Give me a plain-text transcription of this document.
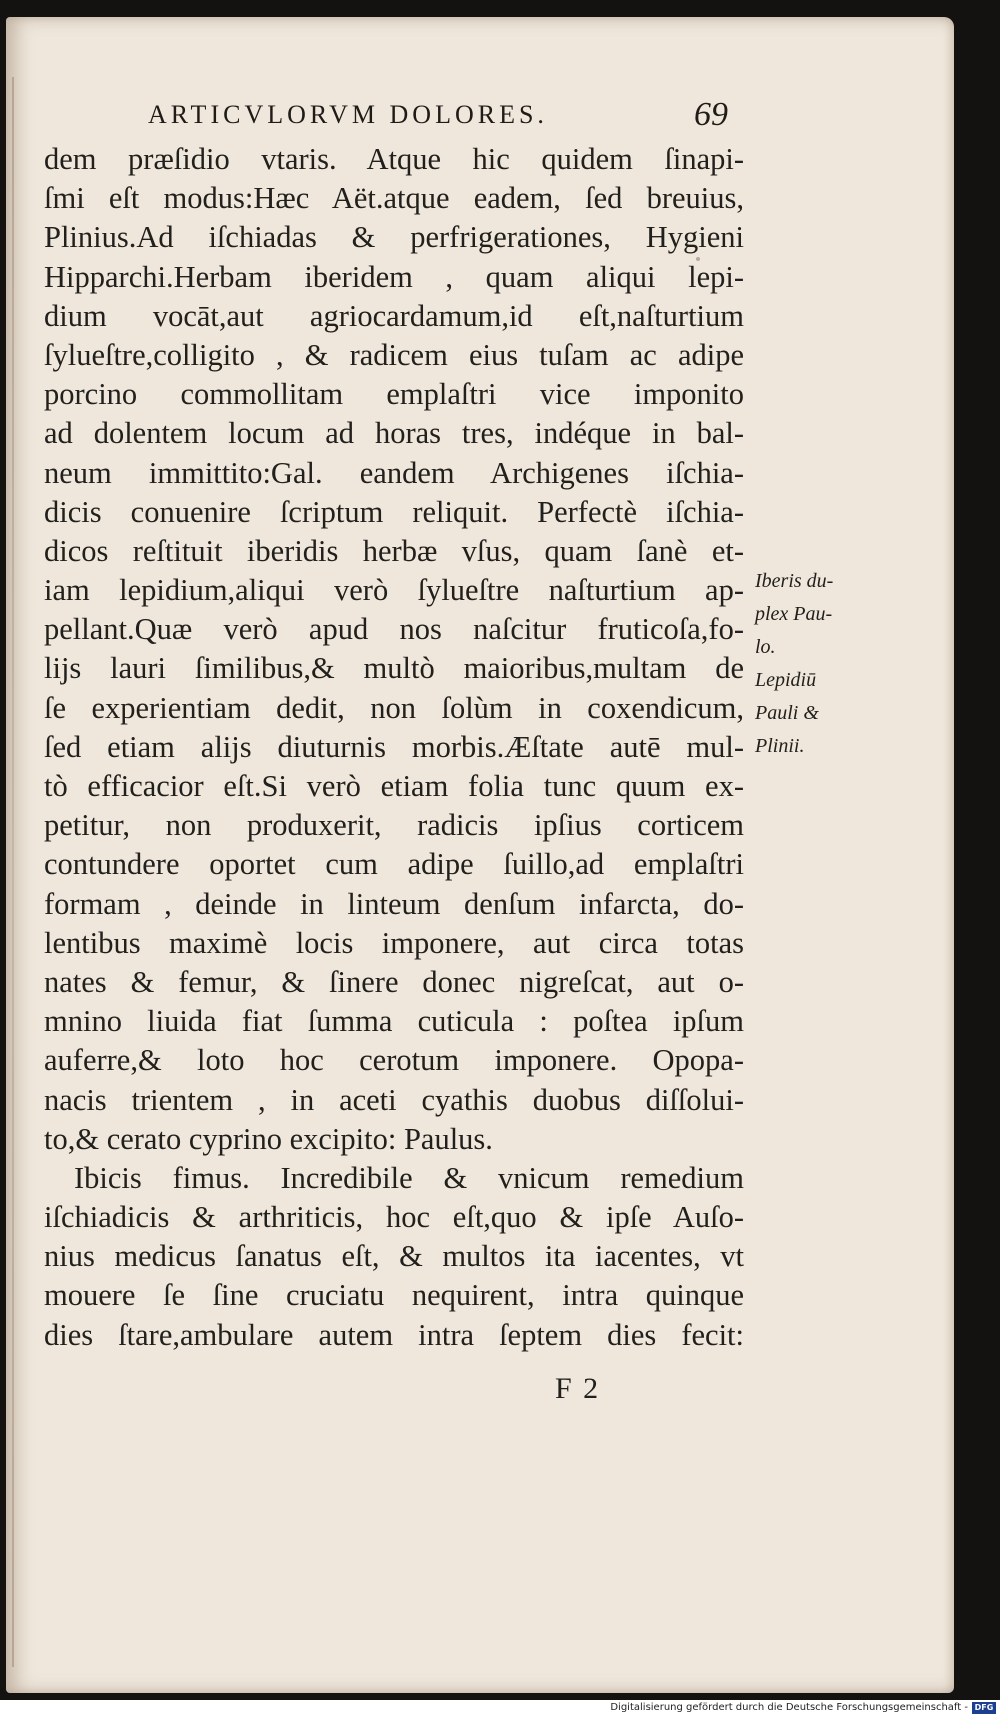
ARTICVLORVM DOLORES.	69
dem præſidio vtaris. Atque hic quidem ſinapi-
ſmi eſt modus:Hæc Aët.atque eadem, ſed breuius,
Plinius.Ad iſchiadas & perfrigerationes, Hygieni
Hipparchi.Herbam iberidem , quam aliqui lepi-
dium vocāt,aut agriocardamum,id eſt,naſturtium
ſylueſtre,colligito , & radicem eius tuſam ac adipe
porcino commollitam emplaſtri vice imponito
ad dolentem locum ad horas tres, indéque in bal-
neum immittito:Gal. eandem Archigenes iſchia-
dicis conuenire ſcriptum reliquit. Perfectè iſchia-
dicos reſtituit iberidis herbæ vſus, quam ſanè et-
iam lepidium,aliqui verò ſylueſtre naſturtium ap-
pellant.Quæ verò apud nos naſcitur fruticoſa,fo-
lijs lauri ſimilibus,& multò maioribus,multam de
ſe experientiam dedit, non ſolùm in coxendicum,
ſed etiam alijs diuturnis morbis.Æſtate autē mul-
tò efficacior eſt.Si verò etiam folia tunc quum ex-
petitur, non produxerit, radicis ipſius corticem
contundere oportet cum adipe ſuillo,ad emplaſtri
formam , deinde in linteum denſum infarcta, do-
lentibus maximè locis imponere, aut circa totas
nates & femur, & ſinere donec nigreſcat, aut o-
mnino liuida fiat ſumma cuticula : poſtea ipſum
auferre,& loto hoc cerotum imponere. Opopa-
nacis trientem , in aceti cyathis duobus diſſolui-
to,& cerato cyprino excipito: Paulus.
Ibicis fimus. Incredibile & vnicum remedium
iſchiadicis & arthriticis, hoc eſt,quo & ipſe Auſo-
nius medicus ſanatus eſt, & multos ita iacentes, vt
mouere ſe ſine cruciatu nequirent, intra quinque
dies ſtare,ambulare autem intra ſeptem dies fecit:
Iberis du-
plex Pau-
lo.
Lepidiū
Pauli &
Plinii.
F 2
Digitalisierung gefördert durch die Deutsche Forschungsgemeinschaft - DFG
